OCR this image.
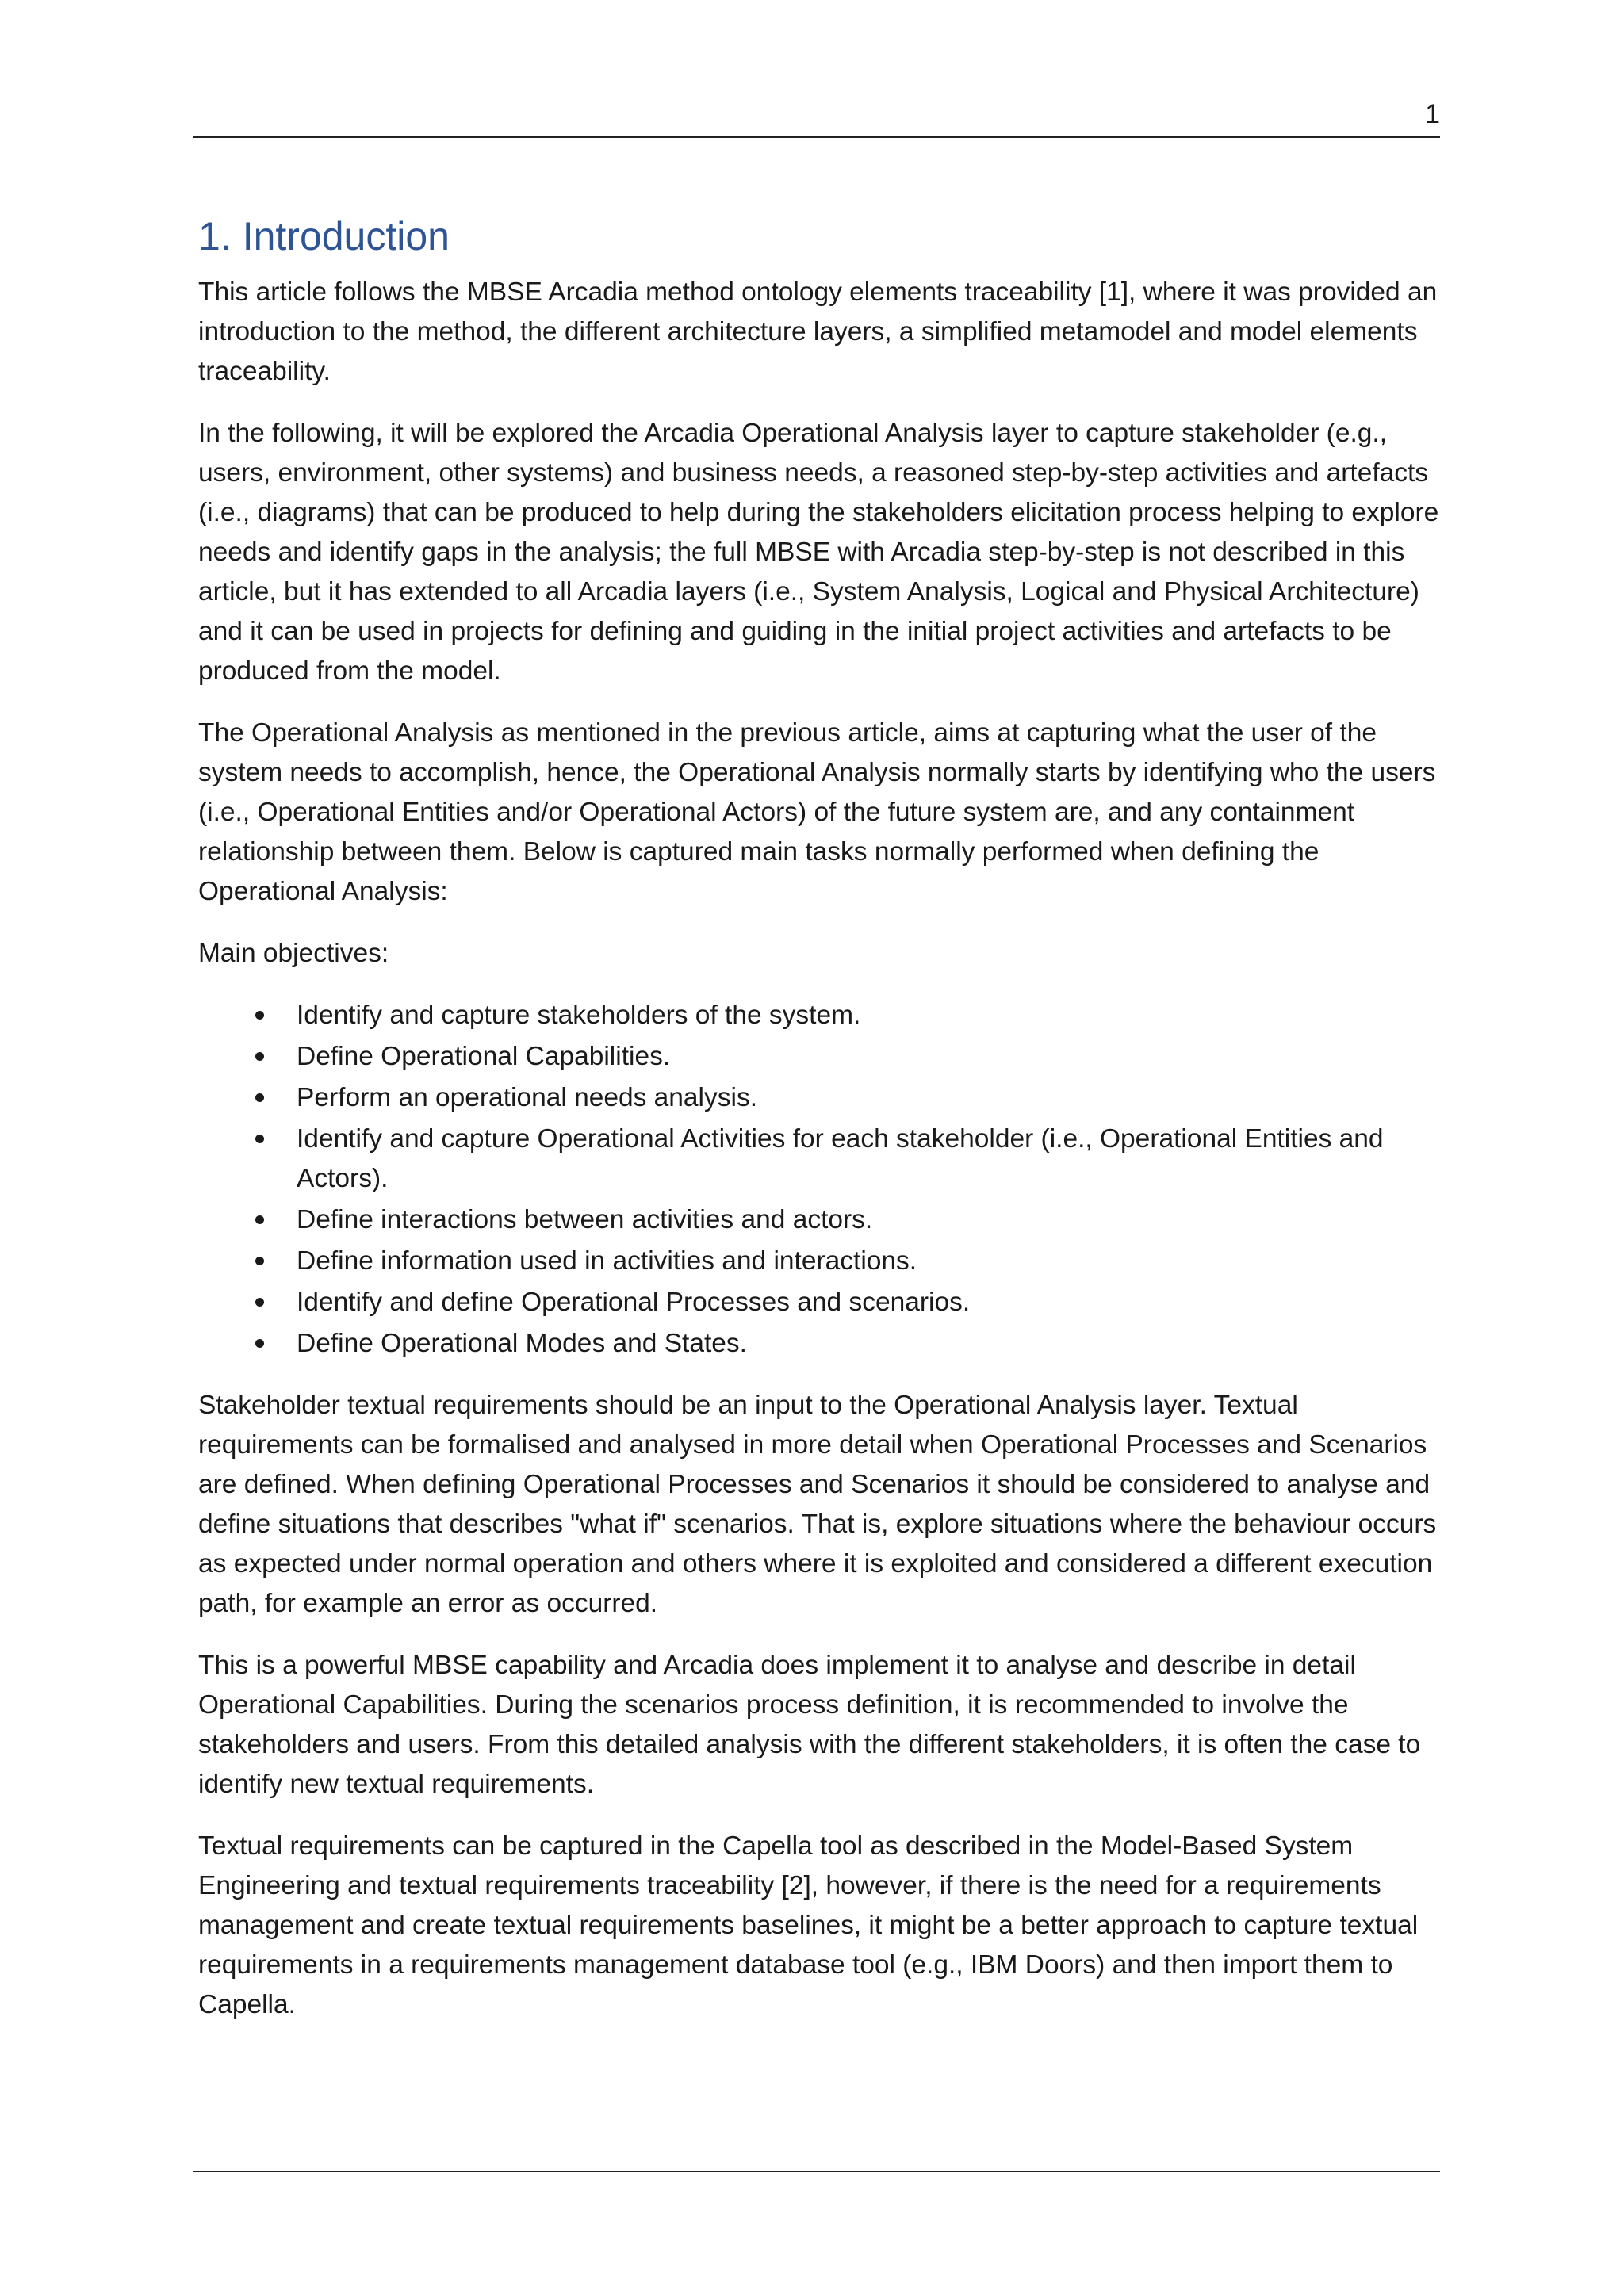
1
1. Introduction

This article follows the MBSE Arcadia method ontology elements traceability [1], where it was provided an introduction to the method, the different architecture layers, a simplified metamodel and model elements traceability.

In the following, it will be explored the Arcadia Operational Analysis layer to capture stakeholder (e.g., users, environment, other systems) and business needs, a reasoned step-by-step activities and artefacts (i.e., diagrams) that can be produced to help during the stakeholders elicitation process helping to explore needs and identify gaps in the analysis; the full MBSE with Arcadia step-by-step is not described in this article, but it has extended to all Arcadia layers (i.e., System Analysis, Logical and Physical Architecture) and it can be used in projects for defining and guiding in the initial project activities and artefacts to be produced from the model.

The Operational Analysis as mentioned in the previous article, aims at capturing what the user of the system needs to accomplish, hence, the Operational Analysis normally starts by identifying who the users (i.e., Operational Entities and/or Operational Actors) of the future system are, and any containment relationship between them. Below is captured main tasks normally performed when defining the Operational Analysis:

Main objectives:

Identify and capture stakeholders of the system.
Define Operational Capabilities.
Perform an operational needs analysis.
Identify and capture Operational Activities for each stakeholder (i.e., Operational Entities and Actors).
Define interactions between activities and actors.
Define information used in activities and interactions.
Identify and define Operational Processes and scenarios.
Define Operational Modes and States.

Stakeholder textual requirements should be an input to the Operational Analysis layer. Textual requirements can be formalised and analysed in more detail when Operational Processes and Scenarios are defined. When defining Operational Processes and Scenarios it should be considered to analyse and define situations that describes "what if" scenarios. That is, explore situations where the behaviour occurs as expected under normal operation and others where it is exploited and considered a different execution path, for example an error as occurred.

This is a powerful MBSE capability and Arcadia does implement it to analyse and describe in detail Operational Capabilities. During the scenarios process definition, it is recommended to involve the stakeholders and users. From this detailed analysis with the different stakeholders, it is often the case to identify new textual requirements.

Textual requirements can be captured in the Capella tool as described in the Model-Based System Engineering and textual requirements traceability [2], however, if there is the need for a requirements management and create textual requirements baselines, it might be a better approach to capture textual requirements in a requirements management database tool (e.g., IBM Doors) and then import them to Capella.
